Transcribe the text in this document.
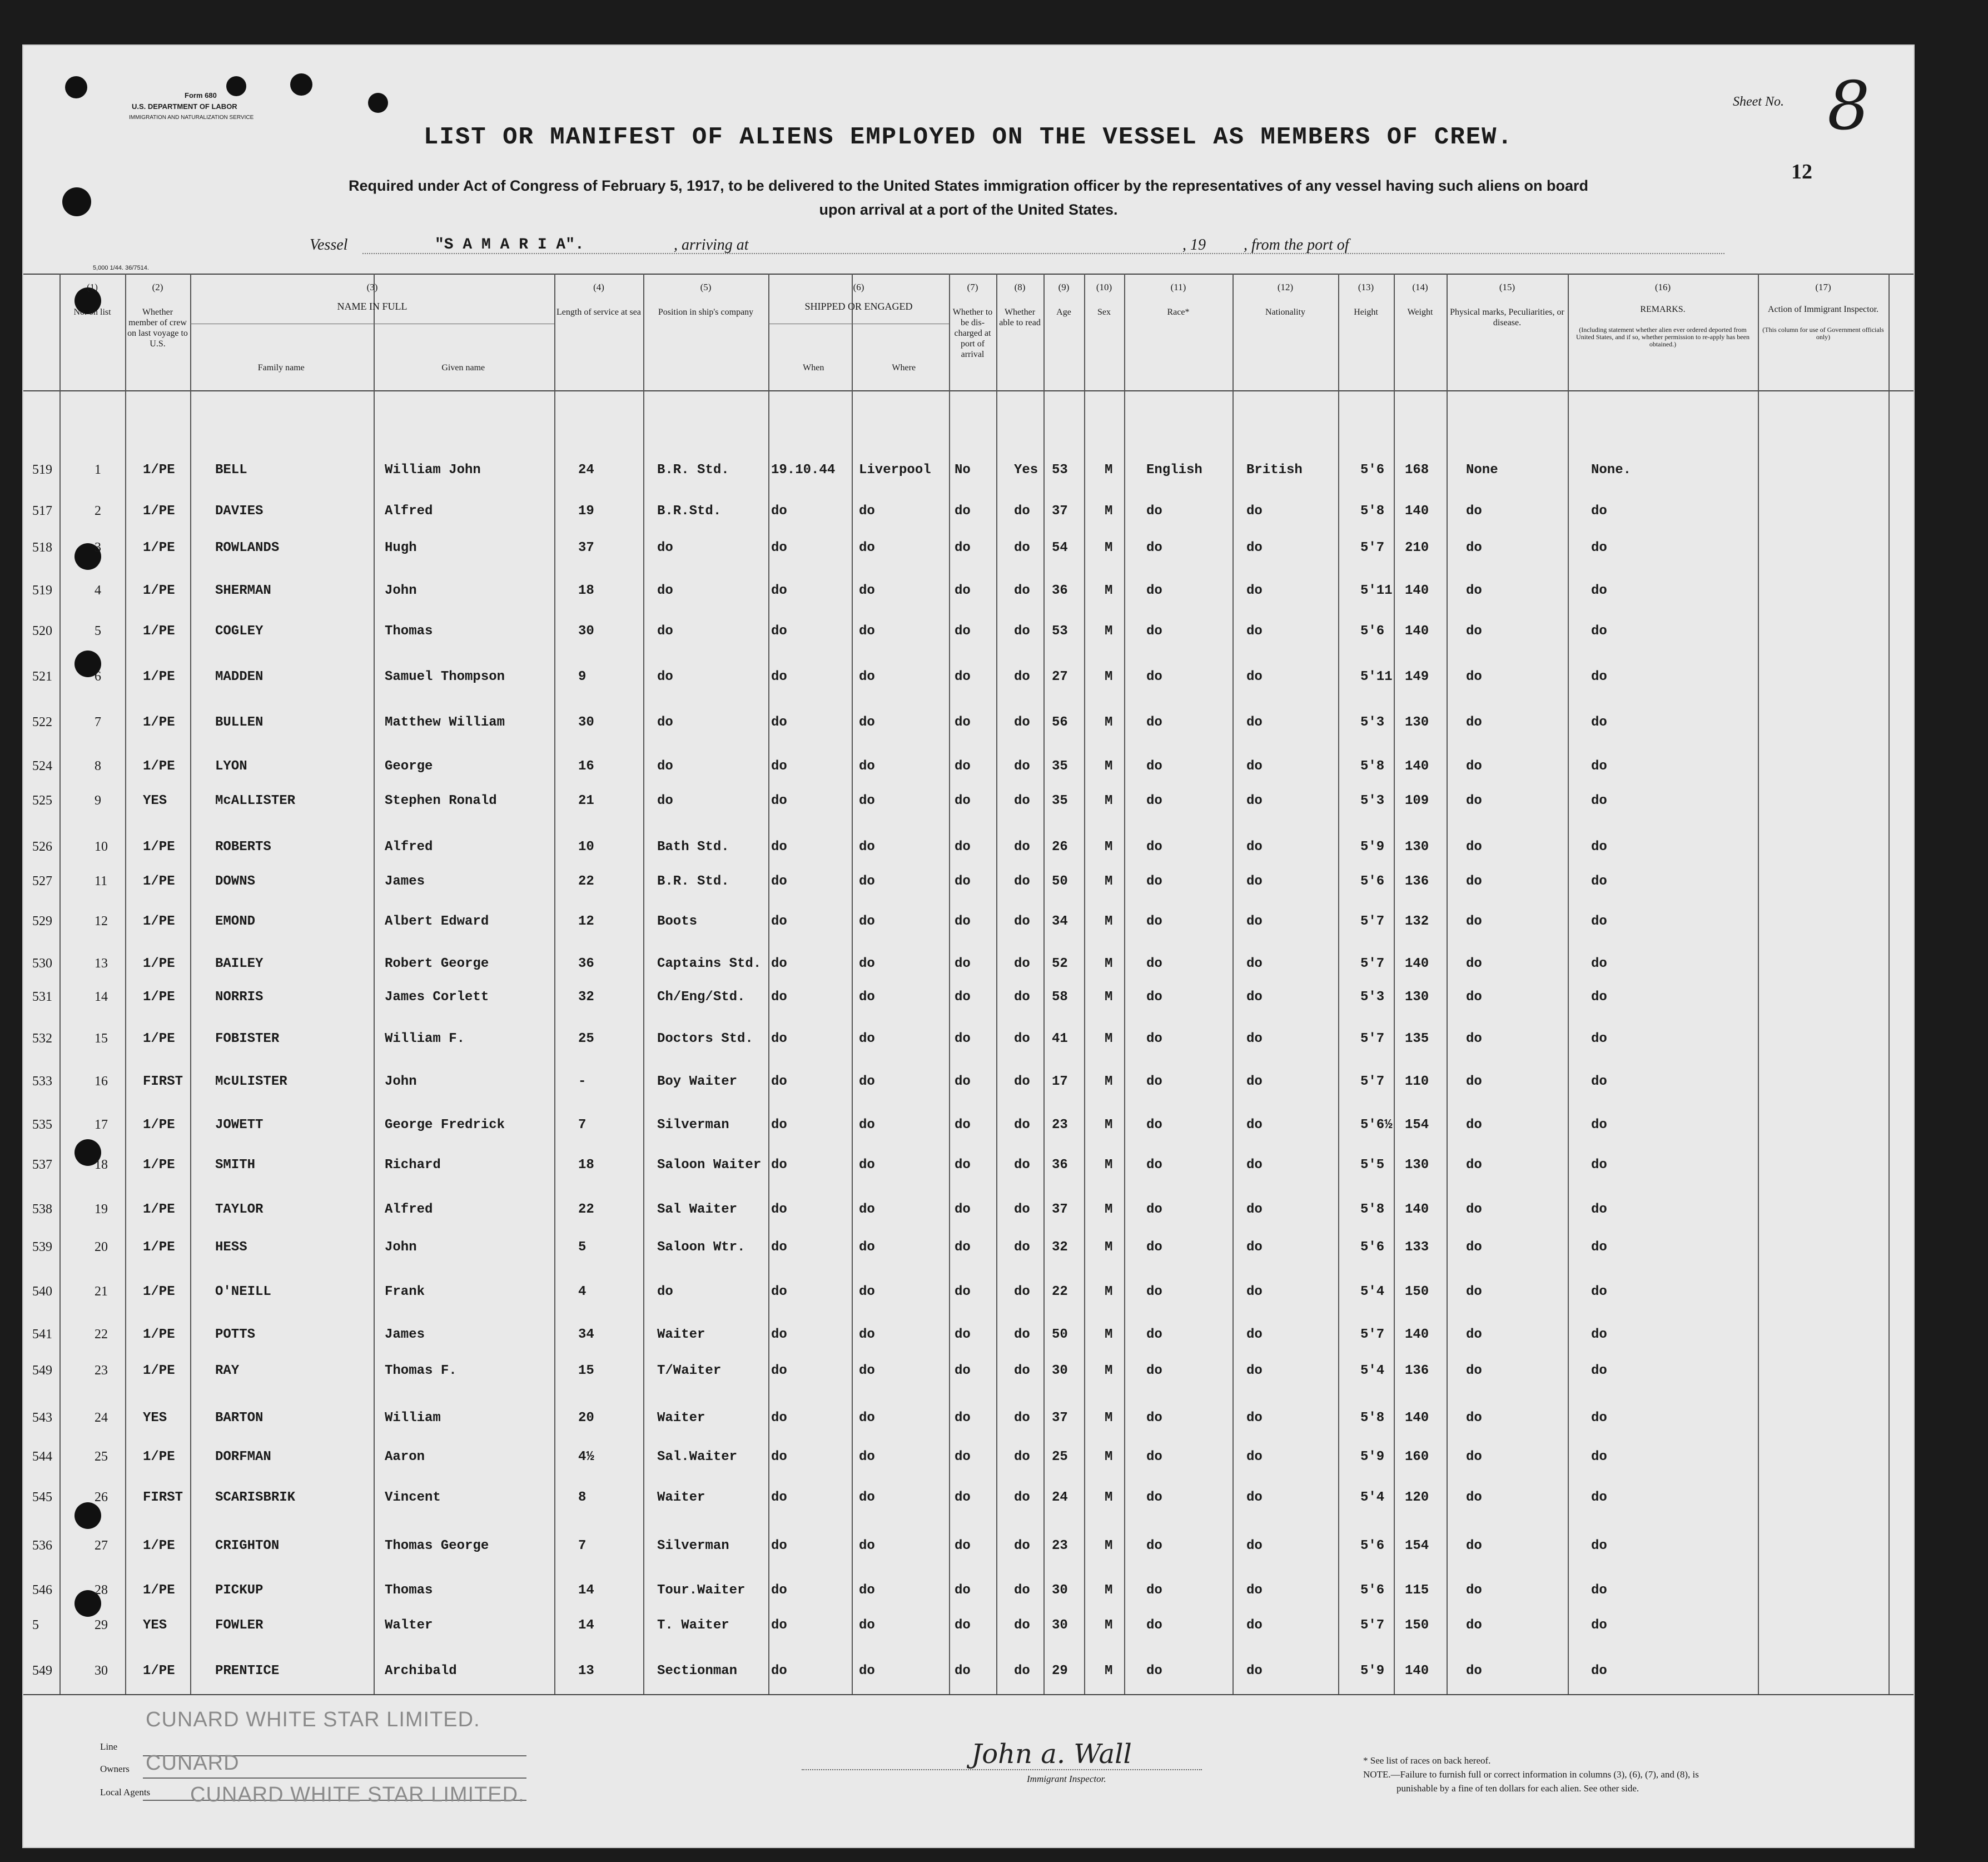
Form 680
U.S. DEPARTMENT OF LABOR
IMMIGRATION AND NATURALIZATION SERVICE
5,000 1/44. 36/7514.
Sheet No. 8
12
LIST OR MANIFEST OF ALIENS EMPLOYED ON THE VESSEL AS MEMBERS OF CREW.
Required under Act of Congress of February 5, 1917, to be delivered to the United States immigration officer by the representatives of any vessel having such aliens on board
upon arrival at a port of the United States.
Vessel	"S A M A R I A".	, arriving at	, 19 , from the port of
(1)
No. on list
(2)
Whether member of crew on last voyage to U.S.
(3)
NAME IN FULL
Family name	Given name
(4)
Length of service at sea
(5)
Position in ship's company
(6)
SHIPPED OR ENGAGED
When	Where
(7)
Whether to be dis-charged at port of arrival
(8)
Whether able to read
(9)
Age
(10)
Sex
(11)
Race*
(12)
Nationality
(13)
Height
(14)
Weight
(15)
Physical marks, Peculiarities, or disease.
(16)
REMARKS.
(Including statement whether alien ever ordered deported from United States, and if so, whether permission to re-apply has been obtained.)
(17)
Action of Immigrant Inspector.
(This column for use of Government officials only)
519	1	1/PE	BELL	William John	24	B.R. Std.	19.10.44 Liverpool No	Yes 53	M	English	British	5'6 168	None	None.
517	2	1/PE	DAVIES	Alfred	19	B.R.Std.	do	do	do	do 37	M	do	do	5'8 140	do	do
518	3	1/PE	ROWLANDS	Hugh	37	do	do	do	do	do 54	M	do	do	5'7 210	do	do
519	4	1/PE	SHERMAN	John	18	do	do	do	do	do 36	M	do	do	5'11 140	do	do
520	5	1/PE	COGLEY	Thomas	30	do	do	do	do	do 53	M	do	do	5'6 140	do	do
521	6	1/PE	MADDEN	Samuel Thompson	9	do	do	do	do	do 27	M	do	do	5'11 149	do	do
522	7	1/PE	BULLEN	Matthew William	30	do	do	do	do	do 56	M	do	do	5'3 130	do	do
524	8	1/PE	LYON	George	16	do	do	do	do	do 35	M	do	do	5'8 140	do	do
525	9	YES	McALLISTER	Stephen Ronald	21	do	do	do	do	do 35	M	do	do	5'3 109	do	do
526	10	1/PE	ROBERTS	Alfred	10	Bath Std.	do	do	do	do 26	M	do	do	5'9 130	do	do
527	11	1/PE	DOWNS	James	22	B.R. Std.	do	do	do	do 50	M	do	do	5'6 136	do	do
529	12	1/PE	EMOND	Albert Edward	12	Boots	do	do	do	do 34	M	do	do	5'7 132	do	do
530	13	1/PE	BAILEY	Robert George	36	Captains Std. do	do	do	do 52	M	do	do	5'7 140	do	do
531	14	1/PE	NORRIS	James Corlett	32	Ch/Eng/Std. do	do	do	do 58	M	do	do	5'3 130	do	do
532	15	1/PE	FOBISTER	William F.	25	Doctors Std. do	do	do	do 41	M	do	do	5'7 135	do	do
533	16	FIRST McULISTER	John	-	Boy Waiter	do	do	do	do 17	M	do	do	5'7 110	do	do
535	17	1/PE	JOWETT	George Fredrick	7	Silverman	do	do	do	do 23	M	do	do	5'6½ 154	do	do
537	18	1/PE	SMITH	Richard	18	Saloon Waiter do	do	do	do 36	M	do	do	5'5 130	do	do
538	19	1/PE	TAYLOR	Alfred	22	Sal Waiter	do	do	do	do 37	M	do	do	5'8 140	do	do
539	20	1/PE	HESS	John	5	Saloon Wtr. do	do	do	do 32	M	do	do	5'6 133	do	do
540	21	1/PE	O'NEILL	Frank	4	do	do	do	do	do 22	M	do	do	5'4 150	do	do
541	22	1/PE	POTTS	James	34	Waiter	do	do	do	do 50	M	do	do	5'7 140	do	do
549	23	1/PE	RAY	Thomas F.	15	T/Waiter	do	do	do	do 30	M	do	do	5'4 136	do	do
543	24	YES	BARTON	William	20	Waiter	do	do	do	do 37	M	do	do	5'8 140	do	do
544	25	1/PE	DORFMAN	Aaron	4½	Sal.Waiter	do	do	do	do 25	M	do	do	5'9 160	do	do
545	26	FIRST SCARISBRIK	Vincent	8	Waiter	do	do	do	do 24	M	do	do	5'4 120	do	do
536	27	1/PE	CRIGHTON	Thomas George	7	Silverman	do	do	do	do 23	M	do	do	5'6 154	do	do
546	28	1/PE	PICKUP	Thomas	14	Tour.Waiter do	do	do	do 30	M	do	do	5'6 115	do	do
5	29	YES	FOWLER	Walter	14	T. Waiter	do	do	do	do 30	M	do	do	5'7 150	do	do
549	30	1/PE	PRENTICE	Archibald	13	Sectionman	do	do	do	do 29	M	do	do	5'9 140	do	do
Line
Owners
Local Agents
CUNARD WHITE STAR LIMITED.
CUNARD
CUNARD WHITE STAR LIMITED.
John a. Wall
Immigrant Inspector.
* See list of races on back hereof.
NOTE.—Failure to furnish full or correct information in columns (3), (6), (7), and (8), is
punishable by a fine of ten dollars for each alien. See other side.
